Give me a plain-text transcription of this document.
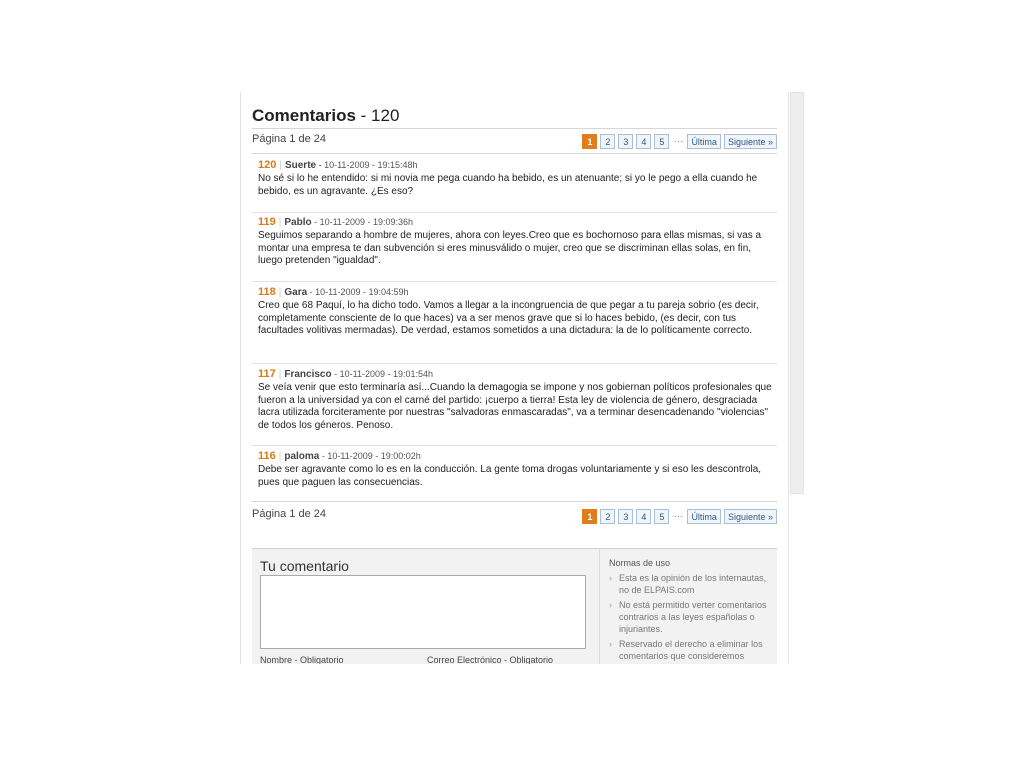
Comentarios - 120
Página 1 de 24	1	2	3	4	5 ··· Última	Siguiente »
120 | Suerte - 10-11-2009 - 19:15:48h
No sé si lo he entendido: si mi novia me pega cuando ha bebido, es un atenuante; si yo le pego a ella cuando he bebido, es un agravante. ¿Es eso?
119 | Pablo - 10-11-2009 - 19:09:36h
Seguimos separando a hombre de mujeres, ahora con leyes.Creo que es bochornoso para ellas mismas, si vas a montar una empresa te dan subvención si eres minusválido o mujer, creo que se discriminan ellas solas, en fin, luego pretenden "igualdad".
118 | Gara - 10-11-2009 - 19:04:59h
Creo que 68 Paquí, lo ha dicho todo. Vamos a llegar a la incongruencia de que pegar a tu pareja sobrio (es decir, completamente consciente de lo que haces) va a ser menos grave que si lo haces bebido, (es decir, con tus facultades volitivas mermadas). De verdad, estamos sometidos a una dictadura: la de lo políticamente correcto.
117 | Francisco - 10-11-2009 - 19:01:54h
Se veía venir que esto terminaría así...Cuando la demagogia se impone y nos gobiernan políticos profesionales que fueron a la universidad ya con el carné del partido: ¡cuerpo a tierra! Esta ley de violencia de género, desgraciada lacra utilizada forciteramente por nuestras "salvadoras enmascaradas", va a terminar desencadenando "violencias" de todos los géneros. Penoso.
116 | paloma - 10-11-2009 - 19:00:02h
Debe ser agravante como lo es en la conducción. La gente toma drogas voluntariamente y si eso les descontrola, pues que paguen las consecuencias.
Página 1 de 24	1	2	3	4	5 ··· Última	Siguiente »
Tu comentario
Nombre - Obligatorio	Correo Electrónico - Obligatorio
Normas de uso
› Esta es la opinión de los internautas, no de ELPAIS.com
› No está permitido verter comentarios contrarios a las leyes españolas o injuriantes.
› Reservado el derecho a eliminar los comentarios que consideremos
